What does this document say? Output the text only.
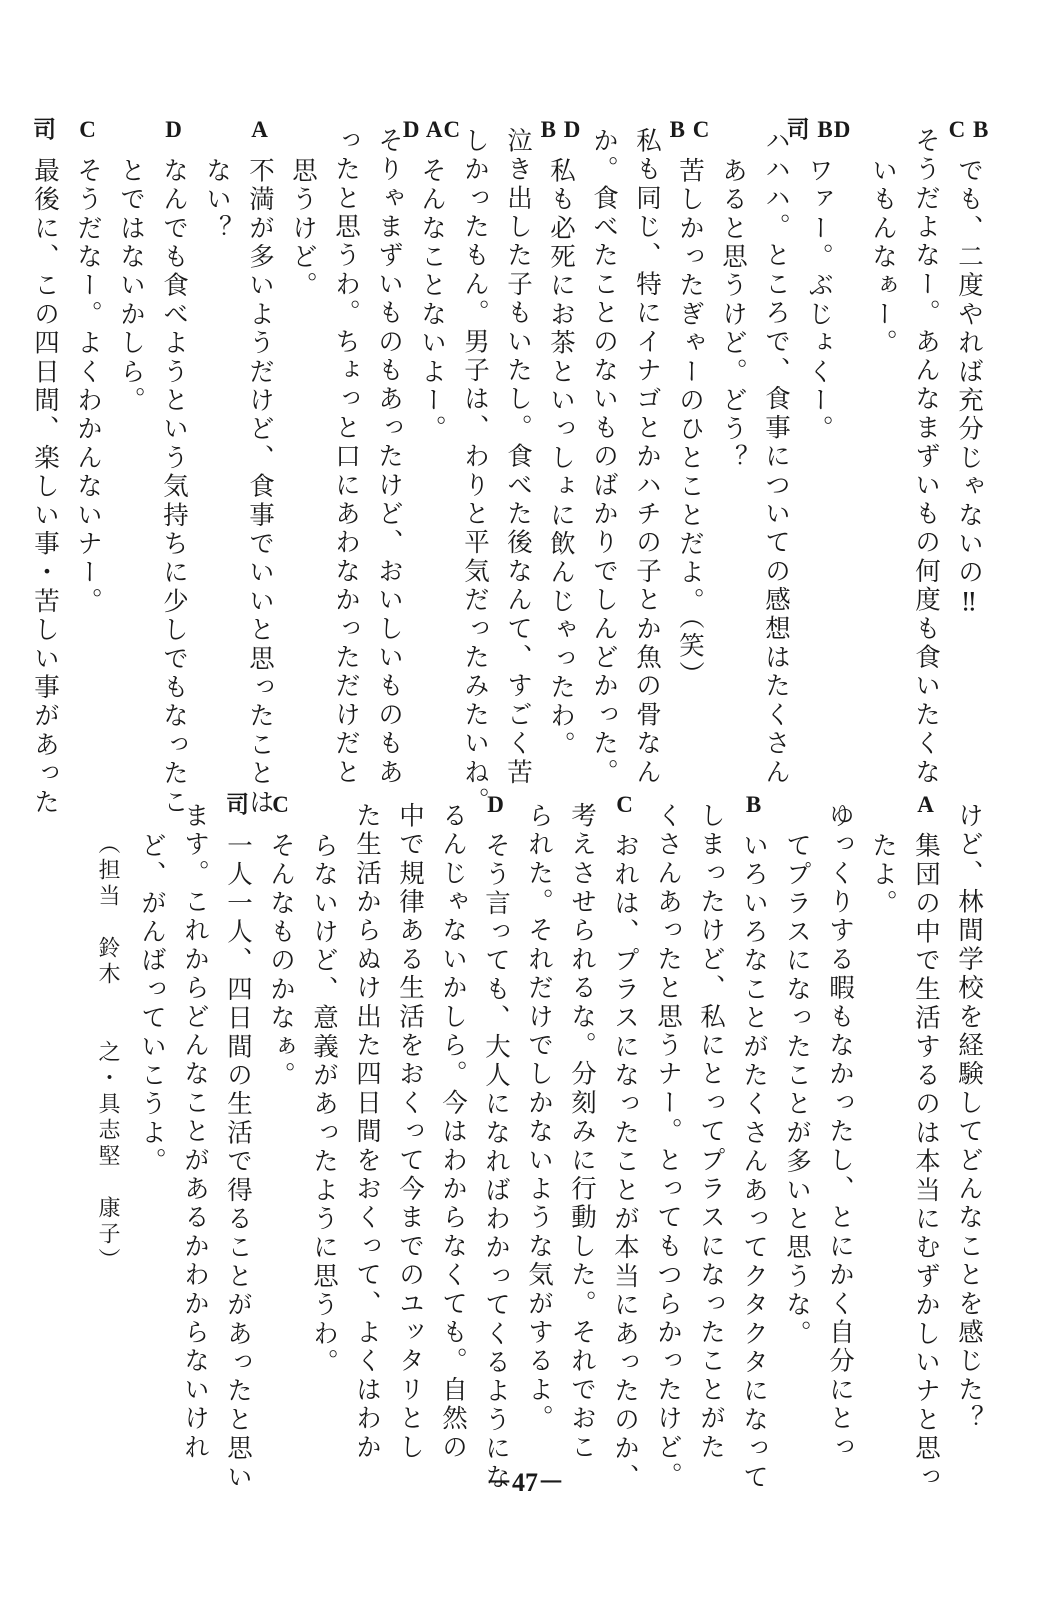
C B
でも、二度やれば充分じゃないの‼
そうだよなー。あんなまずいもの何度も食いたくな
いもんなぁー。
司 BD
ワァー。ぶじょくー。
ハハハ。ところで、食事についての感想はたくさん
あると思うけど。どう？
B C
苦しかったぎゃーのひとことだよ。（笑）
私も同じ、特にイナゴとかハチの子とか魚の骨なん
か。食べたことのないものばかりでしんどかった。
B D
私も必死にお茶といっしょに飲んじゃったわ。
泣き出した子もいたし。食べた後なんて、すごく苦
しかったもん。男子は、わりと平気だったみたいね。
D AC
そんなことないよー。
そりゃまずいものもあったけど、おいしいものもあ
ったと思うわ。ちょっと口にあわなかっただけだと
思うけど。
A
不満が多いようだけど、食事でいいと思ったことは
ない？
D
なんでも食べようという気持ちに少しでもなったこ
とではないかしら。
C
そうだなー。よくわかんないナー。
司
最後に、この四日間、楽しい事・苦しい事があった
けど、林間学校を経験してどんなことを感じた？
A
集団の中で生活するのは本当にむずかしいナと思っ
たよ。
ゆっくりする暇もなかったし、とにかく自分にとっ
てプラスになったことが多いと思うな。
B
いろいろなことがたくさんあってクタクタになって
しまったけど、私にとってプラスになったことがた
くさんあったと思うナー。とってもつらかったけど。
C
おれは、プラスになったことが本当にあったのか、
考えさせられるな。分刻みに行動した。それでおこ
られた。それだけでしかないような気がするよ。
D
そう言っても、大人になればわかってくるようにな
るんじゃないかしら。今はわからなくても。自然の
中で規律ある生活をおくって今までのユッタリとし
た生活からぬけ出た四日間をおくって、よくはわか
らないけど、意義があったように思うわ。
C
そんなものかなぁ。
司
一人一人、四日間の生活で得ることがあったと思い
ます。これからどんなことがあるかわからないけれ
ど、がんばっていこうよ。
（担当　鈴木　　之・具志堅　康子）
－47－
